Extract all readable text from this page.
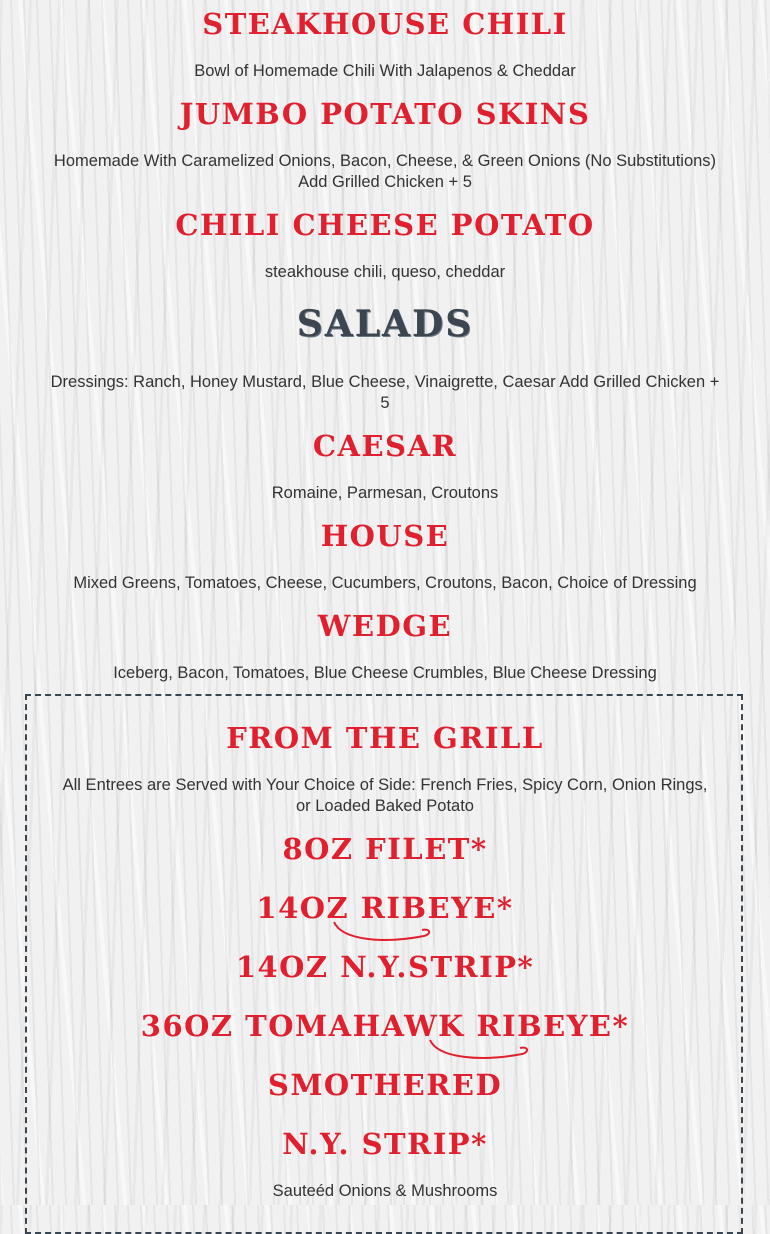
STEAKHOUSE CHILI

Bowl of Homemade Chili With Jalapenos & Cheddar

JUMBO POTATO SKINS

Homemade With Caramelized Onions, Bacon, Cheese, & Green Onions (No Substitutions)

Add Grilled Chicken + 5

CHILI CHEESE POTATO

steakhouse chili, queso, cheddar

SALADS

Dressings: Ranch, Honey Mustard, Blue Cheese, Vinaigrette, Caesar Add Grilled Chicken +

5

CAESAR

Romaine, Parmesan, Croutons

HOUSE

Mixed Greens, Tomatoes, Cheese, Cucumbers, Croutons, Bacon, Choice of Dressing

WEDGE

Iceberg, Bacon, Tomatoes, Blue Cheese Crumbles, Blue Cheese Dressing

FROM THE GRILL

All Entrees are Served with Your Choice of Side: French Fries, Spicy Corn, Onion Rings,

or Loaded Baked Potato

8OZ FILET*
14OZ RIBEYE*
14OZ N.Y.STRIP*
36OZ TOMAHAWK RIBEYE*
SMOTHERED
N.Y. STRIP*

Sauteéd Onions & Mushrooms
